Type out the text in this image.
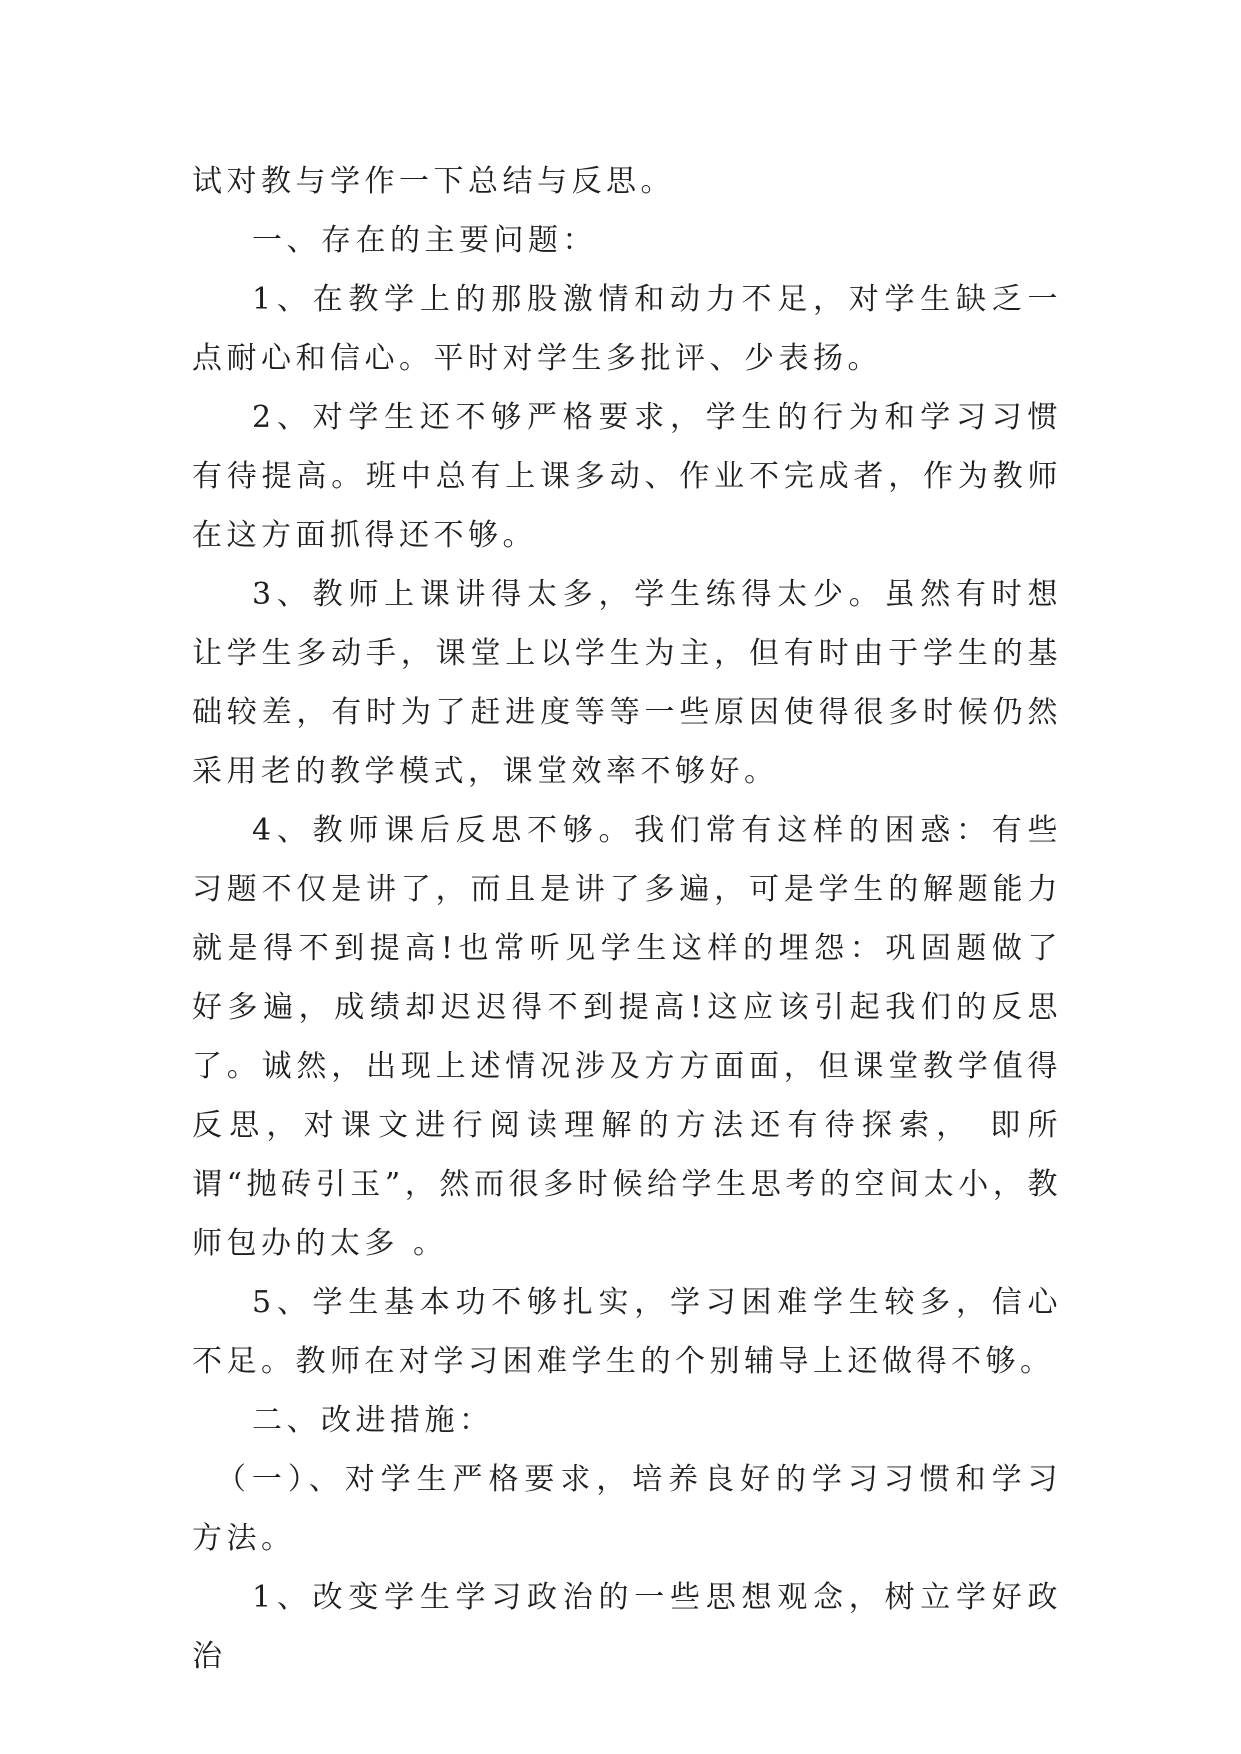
试对教与学作一下总结与反思。

一、存在的主要问题：

1、在教学上的那股激情和动力不足，对学生缺乏一点耐心和信心。平时对学生多批评、少表扬。

2、对学生还不够严格要求，学生的行为和学习习惯有待提高。班中总有上课多动、作业不完成者，作为教师在这方面抓得还不够。

3、教师上课讲得太多，学生练得太少。虽然有时想让学生多动手，课堂上以学生为主，但有时由于学生的基础较差，有时为了赶进度等等一些原因使得很多时候仍然采用老的教学模式，课堂效率不够好。

4、教师课后反思不够。我们常有这样的困惑：有些习题不仅是讲了，而且是讲了多遍，可是学生的解题能力就是得不到提高!也常听见学生这样的埋怨：巩固题做了好多遍，成绩却迟迟得不到提高!这应该引起我们的反思了。诚然，出现上述情况涉及方方面面，但课堂教学值得反思，对课文进行阅读理解的方法还有待探索， 即所谓“抛砖引玉”，然而很多时候给学生思考的空间太小，教师包办的太多 。

5、学生基本功不够扎实，学习困难学生较多，信心不足。教师在对学习困难学生的个别辅导上还做得不够。

二、改进措施：

（一）、对学生严格要求，培养良好的学习习惯和学习方法。

1、改变学生学习政治的一些思想观念，树立学好政治
